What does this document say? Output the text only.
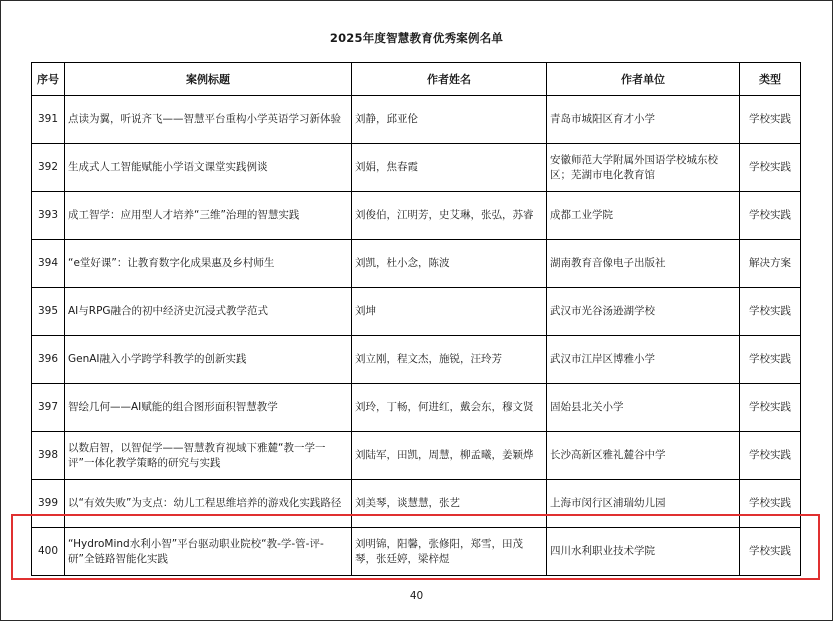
2025年度智慧教育优秀案例名单
序号	案例标题	作者姓名	作者单位	类型
391	点读为翼，听说齐飞——智慧平台重构小学英语学习新体验	刘静，邱亚伦	青岛市城阳区育才小学	学校实践
392	生成式人工智能赋能小学语文课堂实践例谈	刘娟，焦春霞	安徽师范大学附属外国语学校城东校区；芜湖市电化教育馆	学校实践
393	成工智学：应用型人才培养“三维”治理的智慧实践	刘俊伯，江明芳，史艾琳，张弘，苏睿	成都工业学院	学校实践
394	“e堂好课”：让教育数字化成果惠及乡村师生	刘凯，杜小念，陈波	湖南教育音像电子出版社	解决方案
395	AI与RPG融合的初中经济史沉浸式教学范式	刘坤	武汉市光谷汤逊湖学校	学校实践
396	GenAI融入小学跨学科教学的创新实践	刘立刚，程文杰，施锐，汪玲芳	武汉市江岸区博雅小学	学校实践
397	智绘几何——AI赋能的组合图形面积智慧教学	刘玲，丁畅，何进红，戴会东，穆文贤	固始县北关小学	学校实践
398	以数启智，以智促学——智慧教育视域下雅麓“教一学一评”一体化教学策略的研究与实践	刘陆军，田凯，周慧，柳孟曦，姜颖烨	长沙高新区雅礼麓谷中学	学校实践
399	以“有效失败”为支点：幼儿工程思维培养的游戏化实践路径	刘美琴，谈慧慧，张艺	上海市闵行区浦瑞幼儿园	学校实践
400	“HydroMind水利小智”平台驱动职业院校“教-学-管-评-研”全链路智能化实践	刘明锦，阳馨，张修阳，郑雪，田茂琴，张廷婷，梁梓煜	四川水利职业技术学院	学校实践
40
